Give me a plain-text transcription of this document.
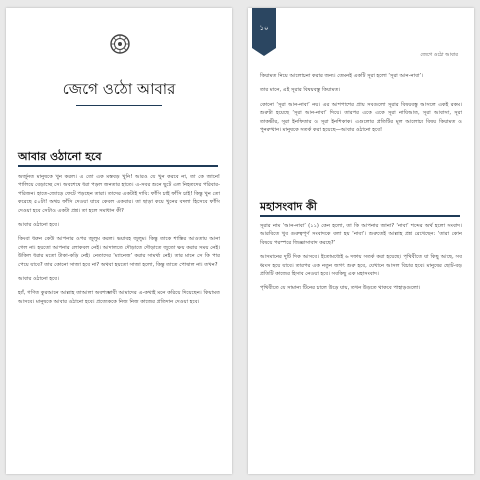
জেগে ওঠো আবার
আবার ওঠানো হবে

অর্জুনত মানুষকে খুন করল। এ তো এক মস্তবড় খুনি! আরও যে খুন করবে না, তা কে জানে! পালিয়ে বেড়াচ্ছে সে। অবশেষে ধরা পড়ল জনতার হাতে। এ-সবর শুনে ছুটে এল নিহতদের পরিবার-পরিজন। হাতে-জোড়ে ফেটে পড়ছেন তারা। তাদের একটাই দাবি: ফাঁসি চাই ফাঁসি চাই! কিন্তু খুন তো করেছে ৫০টা! অথচ ফাঁসি দেওয়া যাবে কেবল একবার। তা ছাড়া কয়ে খুনের বদলা হিসেবে ফাঁসি দেওয়া হবে সেটাও একটা প্রশ্ন। তা হলে সমাধান কী?

আবার ওঠানো হবে।

কিংবা ধরুন কেউ আপনার ওপর জুলুম করল। ভয়াবহ জুলুম। কিন্তু তাকে শাস্তির আওতায় আনা গেল না। হয়তো আপনার লোকবল নেই। আদালতে দৌড়াতে দৌড়াতে জুতো ক্ষয় করার সময় নেই। উকিল ধরার মতো টাকা-কড়ি নেই। নেতাদের ‘ম্যানেজ’ করার সামর্থ্য নেই। তার মানে সে কি পার পেয়ে যাবে? তার কোনো সাজা হবে না? অথবা হয়তো সাজা হলো, কিন্তু তাতে পোষাল না। তখন?

আবার ওঠানো হবে।

হ্যাঁ, গণিত কুরআনে আল্লাহ তাআলা অবশ্যম্ভাবী আমাদের এ-কথাই মনে করিয়ে দিয়েছেন। কিয়ামত আসবে। মানুষকে আবার ওঠানো হবে। প্রত্যেককে নিজ নিজ কাজের প্রতিদান দেওয়া হবে।

১০
জেগে ওঠো আবার

কিয়ামত নিয়ে আলোচনা করার জন্য। তেমনই একটি সূরা হলো ‘সূরা আন-নাবা’।

তার মানে, এই সূরার বিষয়বস্তু কিয়ামত।

কোনো ‘সূরা আন-নাবা’ নয়। এর আশপাশের প্রায় সবগুলো সূরার বিষয়বস্তু আসলে একই রকম। শুরুটা হয়েছে ‘সূরা আন-নাবা’ দিয়ে। তারপর একে একে সূরা নাযিআত, সূরা আবাসা, সূরা তাকভীর, সূরা ইনফিতার ও সূরা ইনশিকাক। এগুলোর প্রতিটির মূল আলোচ্য বিষয় কিয়ামত ও পুনরুত্থান। মানুষকে সতর্ক করা হয়েছে—আবার ওঠানো হবে!

মহাসংবাদ কী

সূরার নাম ‘আন-নাবা’ (১১) কেন হলো, তা কি আপনার জানা? ‘নাবা’ শব্দের অর্থ হলো সংবাদ। আরবিতে খুব গুরুত্বপূর্ণ সংবাদকে বলা হয় ‘নাবা’। শুরুতেই আল্লাহ প্রশ্ন রেখেছেন: ‘তারা কোন বিষয়ে পরস্পরে জিজ্ঞাসাবাদ করছে?’

আসমানের দুটি দিক আসবে। ইতোমধ্যেই ৬ দফায় সতর্ক করা হয়েছে। পৃথিবীতে যা কিছু আছে, সব ধ্বংস হয়ে যাবে। তারপর এক নতুন জগৎ শুরু হবে, যেখানে আসল বিচার হবে। মানুষের ছোট-বড় প্রতিটি কাজের হিসাব নেওয়া হবে। সবকিছু এক মহাসংবাদ।

পৃথিবীতে যে সামান্য টিনের চালে উড়ে যায়, তখন উড়তে থাকবে পাহাড়গুলো।
